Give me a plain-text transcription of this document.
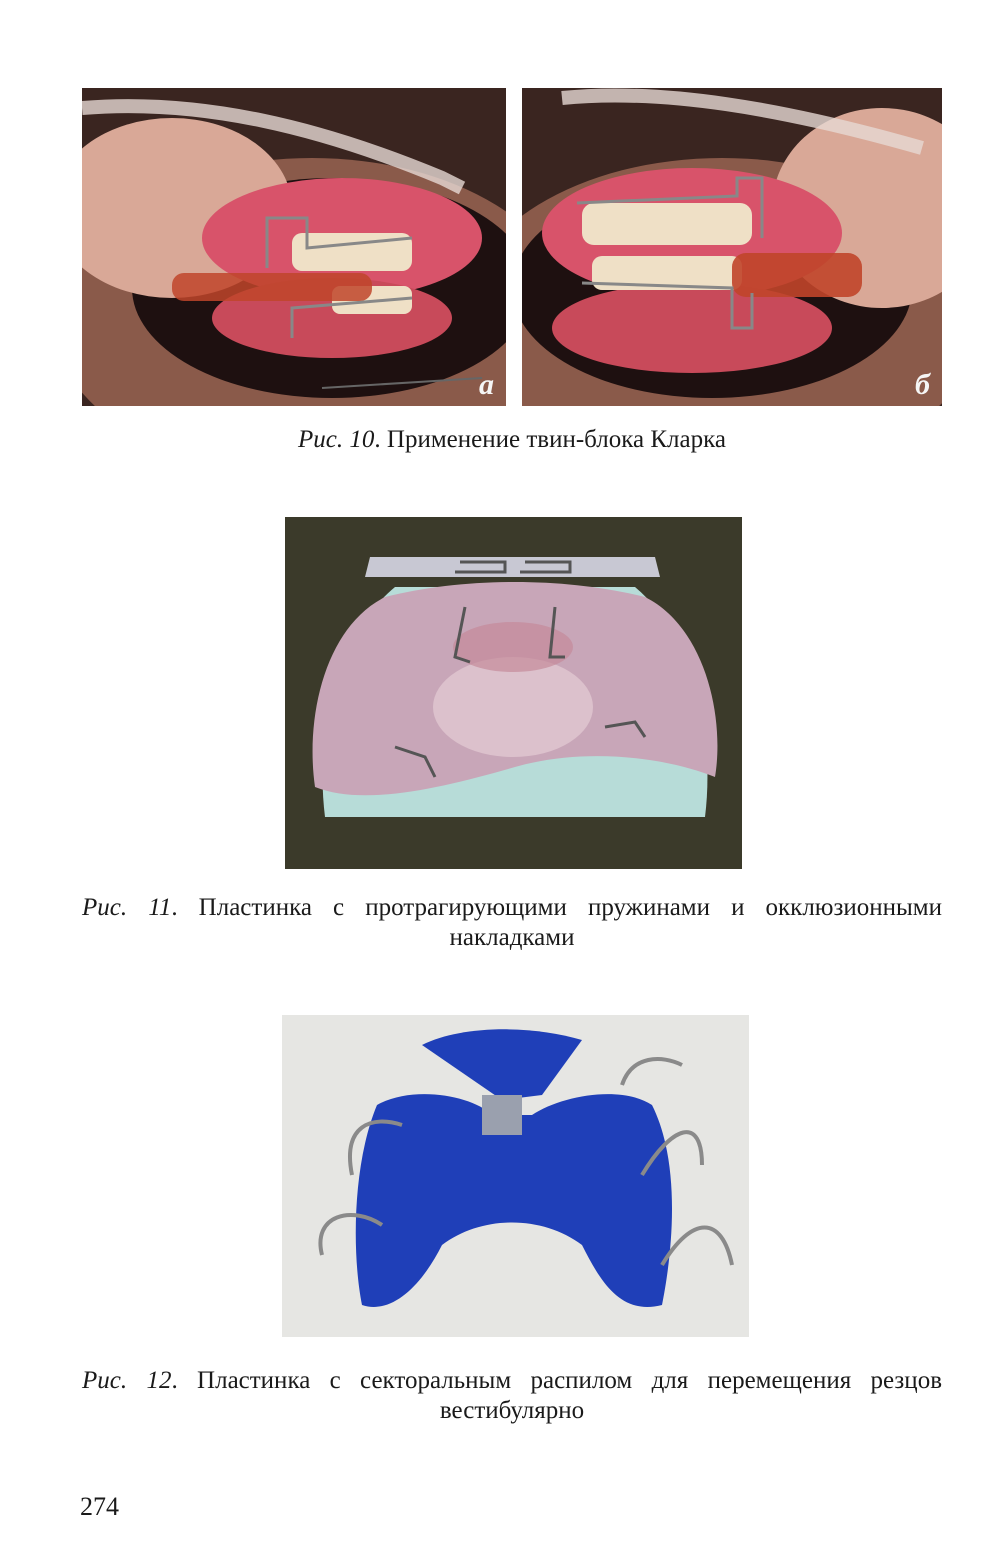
а	б
Рис. 10. Применение твин-блока Кларка
Рис. 11. Пластинка с протрагирующими пружинами и окклюзионными накладками
Рис. 12. Пластинка с секторальным распилом для перемещения резцов вестибулярно
274
